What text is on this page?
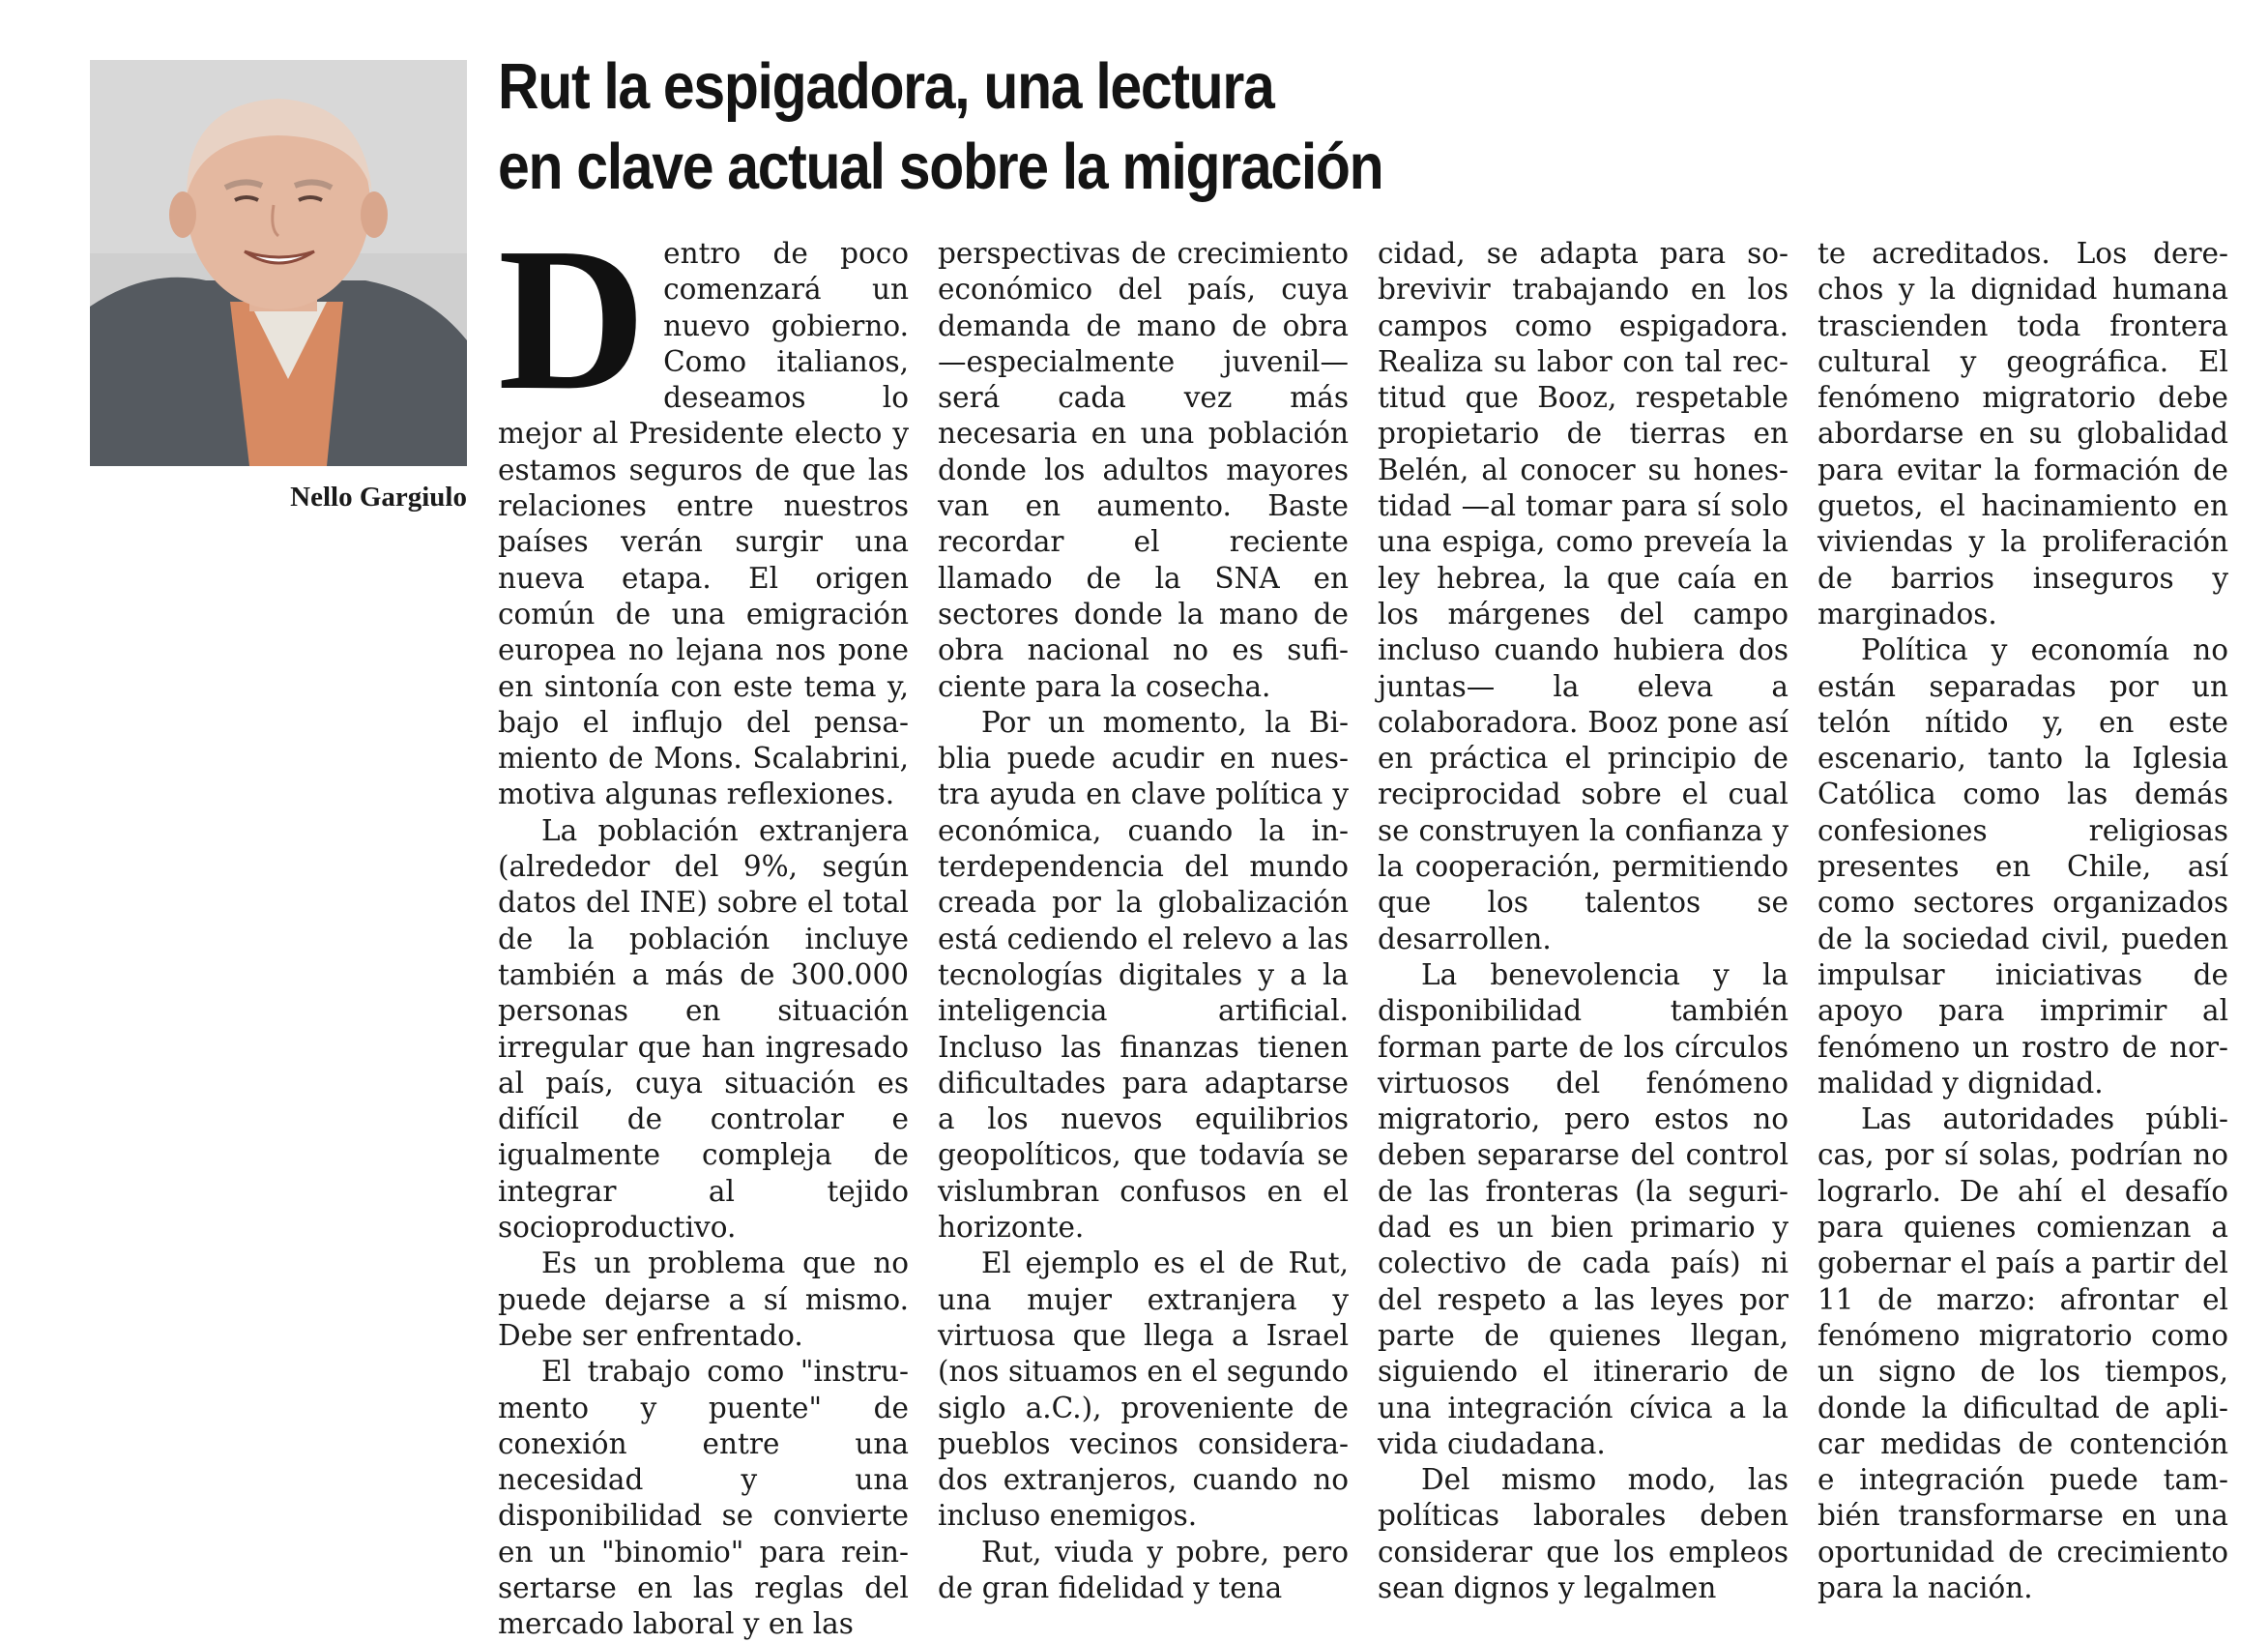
Nello Gargiulo
Rut la espigadora, una lectura
en clave actual sobre la migración
D entro de poco comenzará un nuevo gobierno. Como italianos, deseamos lo mejor al Presidente electo y estamos seguros de que las relaciones entre nuestros países verán surgir una nueva etapa. El origen común de una emigración europea no lejana nos pone en sintonía con este tema y, bajo el influjo del pensamiento de Mons. Scalabrini, motiva algunas reflexiones.

La población extranjera (alrededor del 9%, según datos del INE) sobre el total de la población incluye también a más de 300.000 personas en situación irregular que han ingresado al país, cuya situación es difícil de controlar e igualmente compleja de integrar al tejido socioproductivo.

Es un problema que no puede dejarse a sí mismo. Debe ser enfrentado.

El trabajo como "instrumento y puente" de conexión entre una necesidad y una disponibilidad se convierte en un "binomio" para reinsertarse en las reglas del mercado laboral y en las

perspectivas de crecimiento económico del país, cuya demanda de mano de obra —especialmente juvenil— será cada vez más necesaria en una población donde los adultos mayores van en aumento. Baste recordar el reciente llamado de la SNA en sectores donde la mano de obra nacional no es suficiente para la cosecha.

Por un momento, la Biblia puede acudir en nuestra ayuda en clave política y económica, cuando la interdependencia del mundo creada por la globalización está cediendo el relevo a las tecnologías digitales y a la inteligencia artificial. Incluso las finanzas tienen dificultades para adaptarse a los nuevos equilibrios geopolíticos, que todavía se vislumbran confusos en el horizonte.

El ejemplo es el de Rut, una mujer extranjera y virtuosa que llega a Israel (nos situamos en el segundo siglo a.C.), proveniente de pueblos vecinos considerados extranjeros, cuando no incluso enemigos.

Rut, viuda y pobre, pero de gran fidelidad y tena

cidad, se adapta para sobrevivir trabajando en los campos como espigadora. Realiza su labor con tal rectitud que Booz, respetable propietario de tierras en Belén, al conocer su honestidad —al tomar para sí solo una espiga, como preveía la ley hebrea, la que caía en los márgenes del campo incluso cuando hubiera dos juntas— la eleva a colaboradora. Booz pone así en práctica el principio de reciprocidad sobre el cual se construyen la confianza y la cooperación, permitiendo que los talentos se desarrollen.

La benevolencia y la disponibilidad también forman parte de los círculos virtuosos del fenómeno migratorio, pero estos no deben separarse del control de las fronteras (la seguridad es un bien primario y colectivo de cada país) ni del respeto a las leyes por parte de quienes llegan, siguiendo el itinerario de una integración cívica a la vida ciudadana.

Del mismo modo, las políticas laborales deben considerar que los empleos sean dignos y legalmen

te acreditados. Los derechos y la dignidad humana trascienden toda frontera cultural y geográfica. El fenómeno migratorio debe abordarse en su globalidad para evitar la formación de guetos, el hacinamiento en viviendas y la proliferación de barrios inseguros y marginados.

Política y economía no están separadas por un telón nítido y, en este escenario, tanto la Iglesia Católica como las demás confesiones religiosas presentes en Chile, así como sectores organizados de la sociedad civil, pueden impulsar iniciativas de apoyo para imprimir al fenómeno un rostro de normalidad y dignidad.

Las autoridades públicas, por sí solas, podrían no lograrlo. De ahí el desafío para quienes comienzan a gobernar el país a partir del 11 de marzo: afrontar el fenómeno migratorio como un signo de los tiempos, donde la dificultad de aplicar medidas de contención e integración puede también transformarse en una oportunidad de crecimiento para la nación.
